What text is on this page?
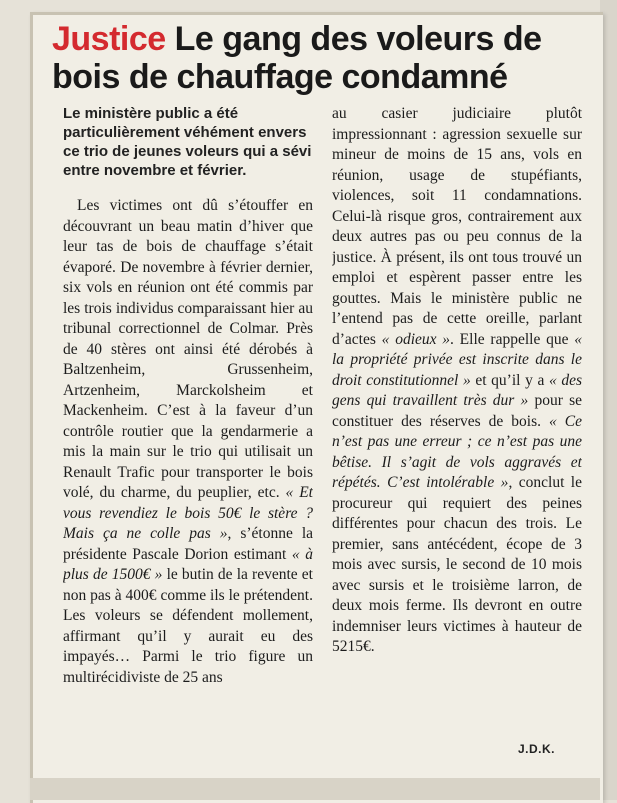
Justice Le gang des voleurs de bois de chauffage condamné
Le ministère public a été particulièrement véhément envers ce trio de jeunes voleurs qui a sévi entre novembre et février.

Les victimes ont dû s’étouffer en découvrant un beau matin d’hiver que leur tas de bois de chauffage s’était évaporé. De novembre à février dernier, six vols en réunion ont été commis par les trois individus comparaissant hier au tribunal correctionnel de Colmar. Près de 40 stères ont ainsi été dérobés à Baltzenheim, Grussenheim, Artzenheim, Marckolsheim et Mackenheim. C’est à la faveur d’un contrôle routier que la gendarmerie a mis la main sur le trio qui utilisait un Renault Trafic pour transporter le bois volé, du charme, du peuplier, etc. « Et vous revendiez le bois 50€ le stère ? Mais ça ne colle pas », s’étonne la présidente Pascale Dorion estimant « à plus de 1500€ » le butin de la revente et non pas à 400€ comme ils le prétendent. Les voleurs se défendent mollement, affirmant qu’il y aurait eu des impayés… Parmi le trio figure un multirécidiviste de 25 ans

au casier judiciaire plutôt impressionnant : agression sexuelle sur mineur de moins de 15 ans, vols en réunion, usage de stupéfiants, violences, soit 11 condamnations. Celui-là risque gros, contrairement aux deux autres pas ou peu connus de la justice. À présent, ils ont tous trouvé un emploi et espèrent passer entre les gouttes. Mais le ministère public ne l’entend pas de cette oreille, parlant d’actes « odieux ». Elle rappelle que « la propriété privée est inscrite dans le droit constitutionnel » et qu’il y a « des gens qui travaillent très dur » pour se constituer des réserves de bois. « Ce n’est pas une erreur ; ce n’est pas une bêtise. Il s’agit de vols aggravés et répétés. C’est intolérable », conclut le procureur qui requiert des peines différentes pour chacun des trois. Le premier, sans antécédent, écope de 3 mois avec sursis, le second de 10 mois avec sursis et le troisième larron, de deux mois ferme. Ils devront en outre indemniser leurs victimes à hauteur de 5215€.

J.D.K.
